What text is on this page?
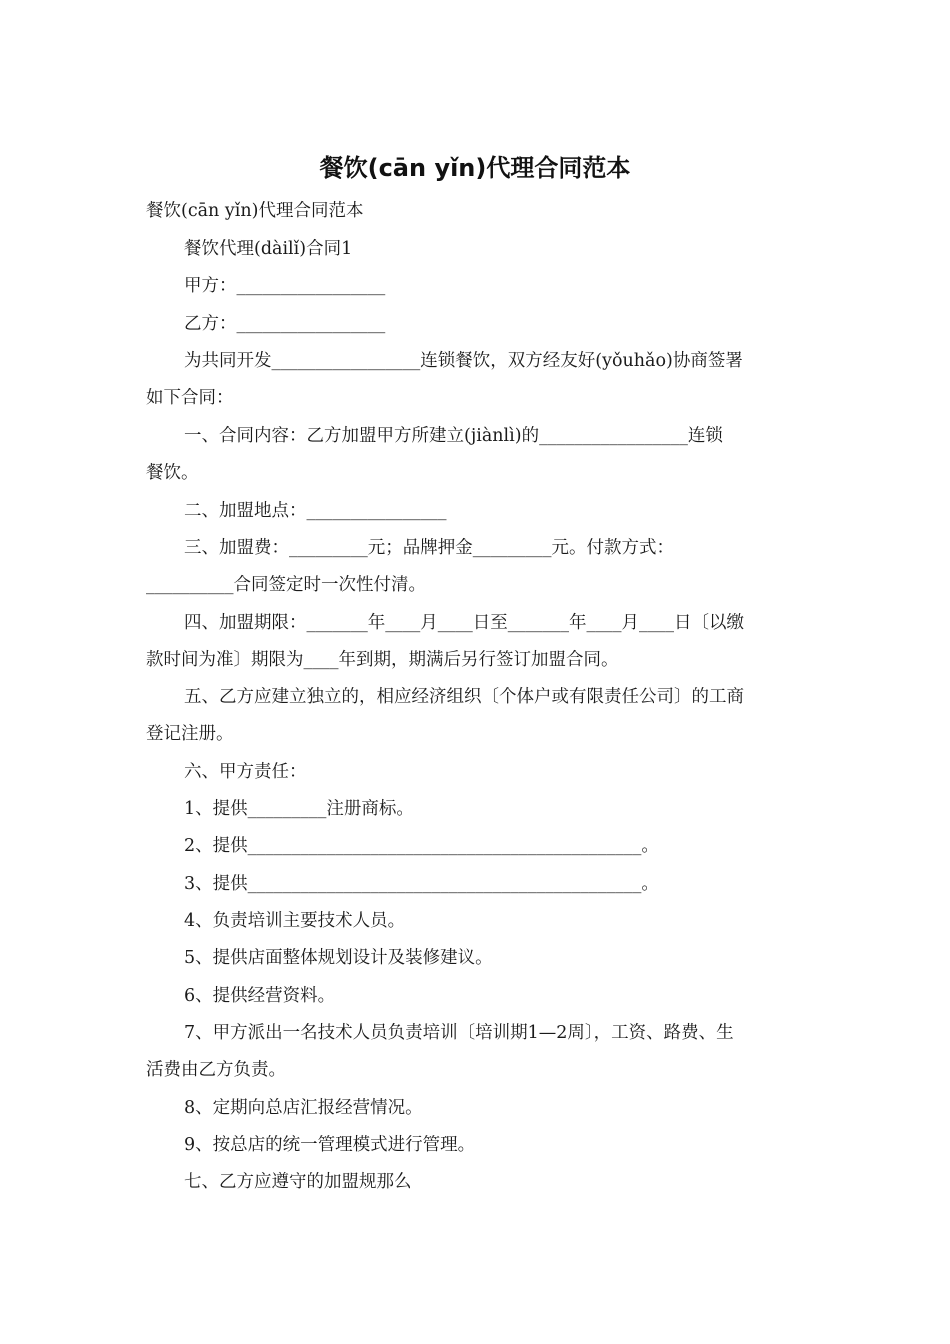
餐饮(cān yǐn)代理合同范本
餐饮(cān yǐn)代理合同范本
餐饮代理(dàilǐ)合同1
甲方：_________________
乙方：_________________
为共同开发_________________连锁餐饮，双方经友好(yǒuhǎo)协商签署
如下合同：
一、合同内容：乙方加盟甲方所建立(jiànlì)的_________________连锁
餐饮。
二、加盟地点：________________
三、加盟费：_________元；品牌押金_________元。付款方式：
__________合同签定时一次性付清。
四、加盟期限：_______年____月____日至_______年____月____日〔以缴
款时间为准〕期限为____年到期，期满后另行签订加盟合同。
五、乙方应建立独立的，相应经济组织〔个体户或有限责任公司〕的工商
登记注册。
六、甲方责任：
1、提供_________注册商标。
2、提供_____________________________________________。
3、提供_____________________________________________。
4、负责培训主要技术人员。
5、提供店面整体规划设计及装修建议。
6、提供经营资料。
7、甲方派出一名技术人员负责培训〔培训期1—2周〕，工资、路费、生
活费由乙方负责。
8、定期向总店汇报经营情况。
9、按总店的统一管理模式进行管理。
七、乙方应遵守的加盟规那么
